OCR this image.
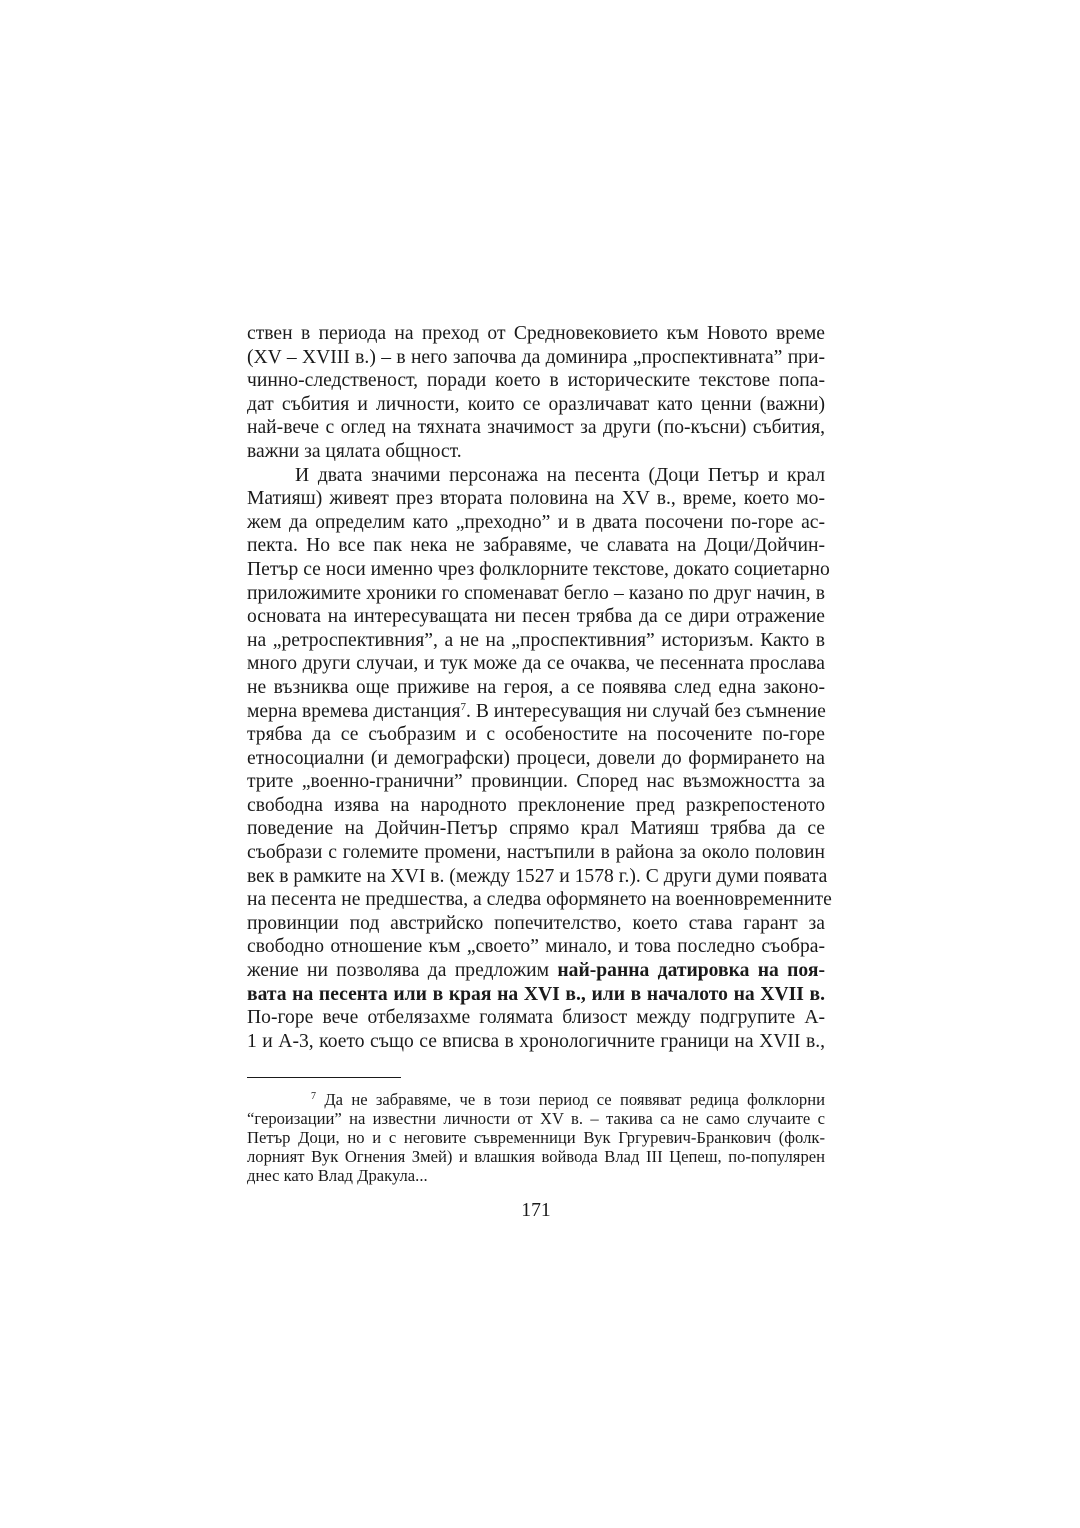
ствен в периода на преход от Средновековието към Новото време
(XV – XVIII в.) – в него започва да доминира „проспективната” при-
чинно-следственост, поради което в историческите текстове попа-
дат събития и личности, които се оразличават като ценни (важни)
най-вече с оглед на тяхната значимост за други (по-късни) събития,
важни за цялата общност.
И двата значими персонажа на песента (Доци Петър и крал
Матияш) живеят през втората половина на XV в., време, което мо-
жем да определим като „преходно” и в двата посочени по-горе ас-
пекта. Но все пак нека не забравяме, че славата на Доци/Дойчин-
Петър се носи именно чрез фолклорните текстове, докато социетарно
приложимите хроники го споменават бегло – казано по друг начин, в
основата на интересуващата ни песен трябва да се дири отражение
на „ретроспективния”, а не на „проспективния” историзъм. Както в
много други случаи, и тук може да се очаква, че песенната прослава
не възниква още приживе на героя, а се появява след една законо-
мерна времева дистанция$^7$. В интересуващия ни случай без съмнение
трябва да се съобразим и с особеностите на посочените по-горе
етносоциални (и демографски) процеси, довели до формирането на
трите „военно-гранични” провинции. Според нас възможността за
свободна изява на народното преклонение пред разкрепостеното
поведение на Дойчин-Петър спрямо крал Матияш трябва да се
съобрази с големите промени, настъпили в района за около половин
век в рамките на XVI в. (между 1527 и 1578 г.). С други думи появата
на песента не предшества, а следва оформянето на военновременните
провинции под австрийско попечителство, което става гарант за
свободно отношение към „своето” минало, и това последно съобра-
жение ни позволява да предложим най-ранна датировка на поя-
вата на песента или в края на XVI в., или в началото на XVII в.
По-горе вече отбелязахме голямата близост между подгрупите А-
1 и А-3, което също се вписва в хронологичните граници на XVII в.,
$^7$ Да не забравяме, че в този период се появяват редица фолклорни
“героизации” на известни личности от XV в. – такива са не само случаите с
Петър Доци, но и с неговите съвременници Вук Гргуревич-Бранкович (фолк-
лорният Вук Огнения Змей) и влашкия войвода Влад III Цепеш, по-популярен
днес като Влад Дракула...
171
